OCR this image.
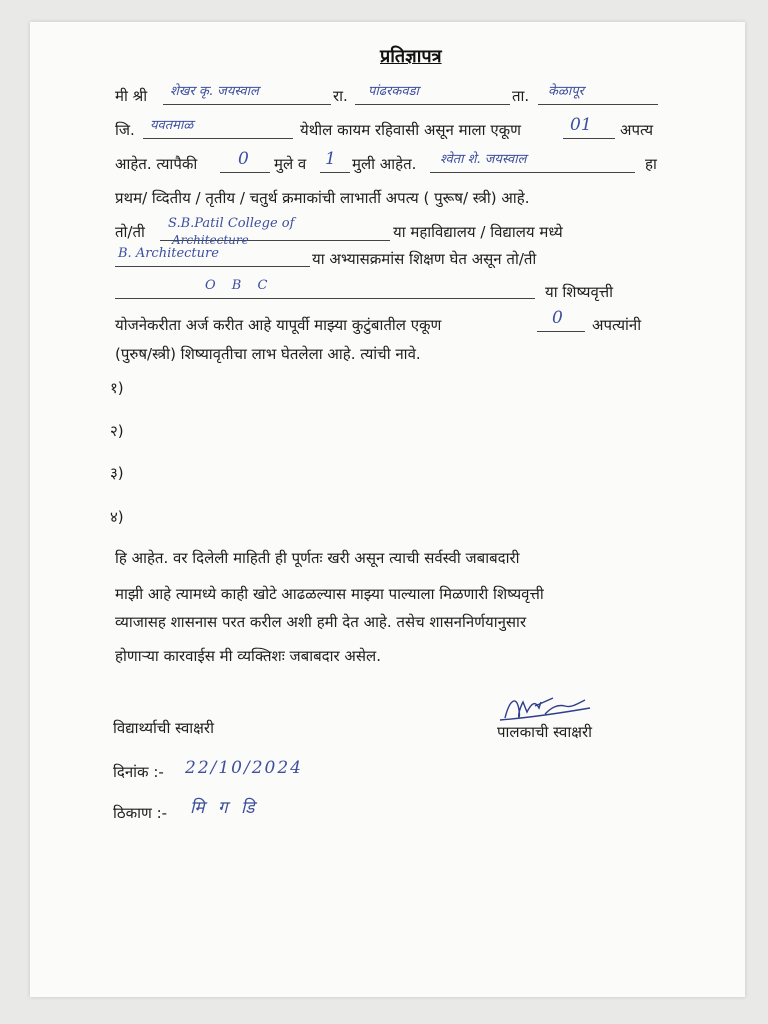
प्रतिज्ञापत्र
मी श्री शेखर कृ. जयस्वाल	रा. पांढरकवडा	ता. केळापूर
जि. यवतमाळ	येथील कायम रहिवासी असून माला एकूण	01 अपत्य
आहेत. त्यापैकी 0 मुले व 1 मुली आहेत. श्वेता शे. जयस्वाल	हा
प्रथम/ व्दितीय / तृतीय / चतुर्थ क्रमाकांची लाभार्ती अपत्य ( पुरूष/ स्त्री) आहे.
तो/ती S.B.Patil College of
Architecture	या महाविद्यालय / विद्यालय मध्ये
B. Architecture	या अभ्यासक्रमांस शिक्षण घेत असून तो/ती
O B C	या शिष्यवृत्ती
योजनेकरीता अर्ज करीत आहे यापूर्वी माझ्या कुटुंबातील एकूण	0 अपत्यांनी
(पुरुष/स्त्री) शिष्यावृतीचा लाभ घेतलेला आहे. त्यांची नावे.
१)
२)
३)
४)
हि आहेत. वर दिलेली माहिती ही पूर्णतः खरी असून त्याची सर्वस्वी जबाबदारी
माझी आहे त्यामध्ये काही खोटे आढळल्यास माझ्या पाल्याला मिळणारी शिष्यवृत्ती
व्याजासह शासनास परत करील अशी हमी देत आहे. तसेच शासननिर्णयानुसार
होणाऱ्या कारवाईस मी व्यक्तिशः जबाबदार असेल.
विद्यार्थ्याची स्वाक्षरी	पालकाची स्वाक्षरी
दिनांक :- 22/10/2024
ठिकाण :- मि ग डि
